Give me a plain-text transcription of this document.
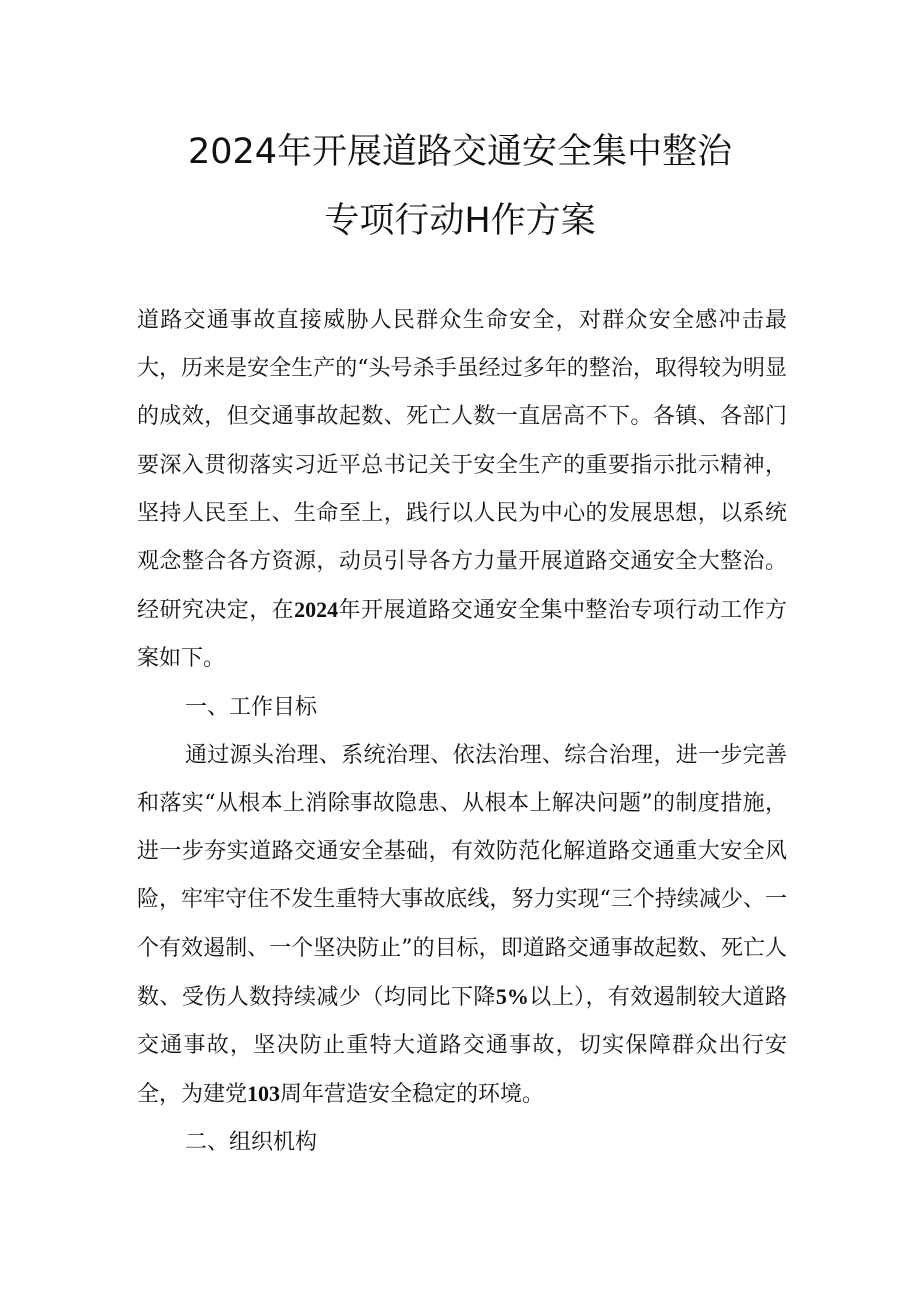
2024年开展道路交通安全集中整治
专项行动H作方案

道路交通事故直接威胁人民群众生命安全，对群众安全感冲击最大，历来是安全生产的“头号杀手虽经过多年的整治，取得较为明显的成效，但交通事故起数、死亡人数一直居高不下。各镇、各部门要深入贯彻落实习近平总书记关于安全生产的重要指示批示精神，坚持人民至上、生命至上，践行以人民为中心的发展思想，以系统观念整合各方资源，动员引导各方力量开展道路交通安全大整治。经研究决定，在2024年开展道路交通安全集中整治专项行动工作方案如下。

一、工作目标

通过源头治理、系统治理、依法治理、综合治理，进一步完善和落实“从根本上消除事故隐患、从根本上解决问题”的制度措施，进一步夯实道路交通安全基础，有效防范化解道路交通重大安全风险，牢牢守住不发生重特大事故底线，努力实现“三个持续减少、一个有效遏制、一个坚决防止”的目标，即道路交通事故起数、死亡人数、受伤人数持续减少（均同比下降5%以上），有效遏制较大道路交通事故，坚决防止重特大道路交通事故，切实保障群众出行安全，为建党103周年营造安全稳定的环境。

二、组织机构
